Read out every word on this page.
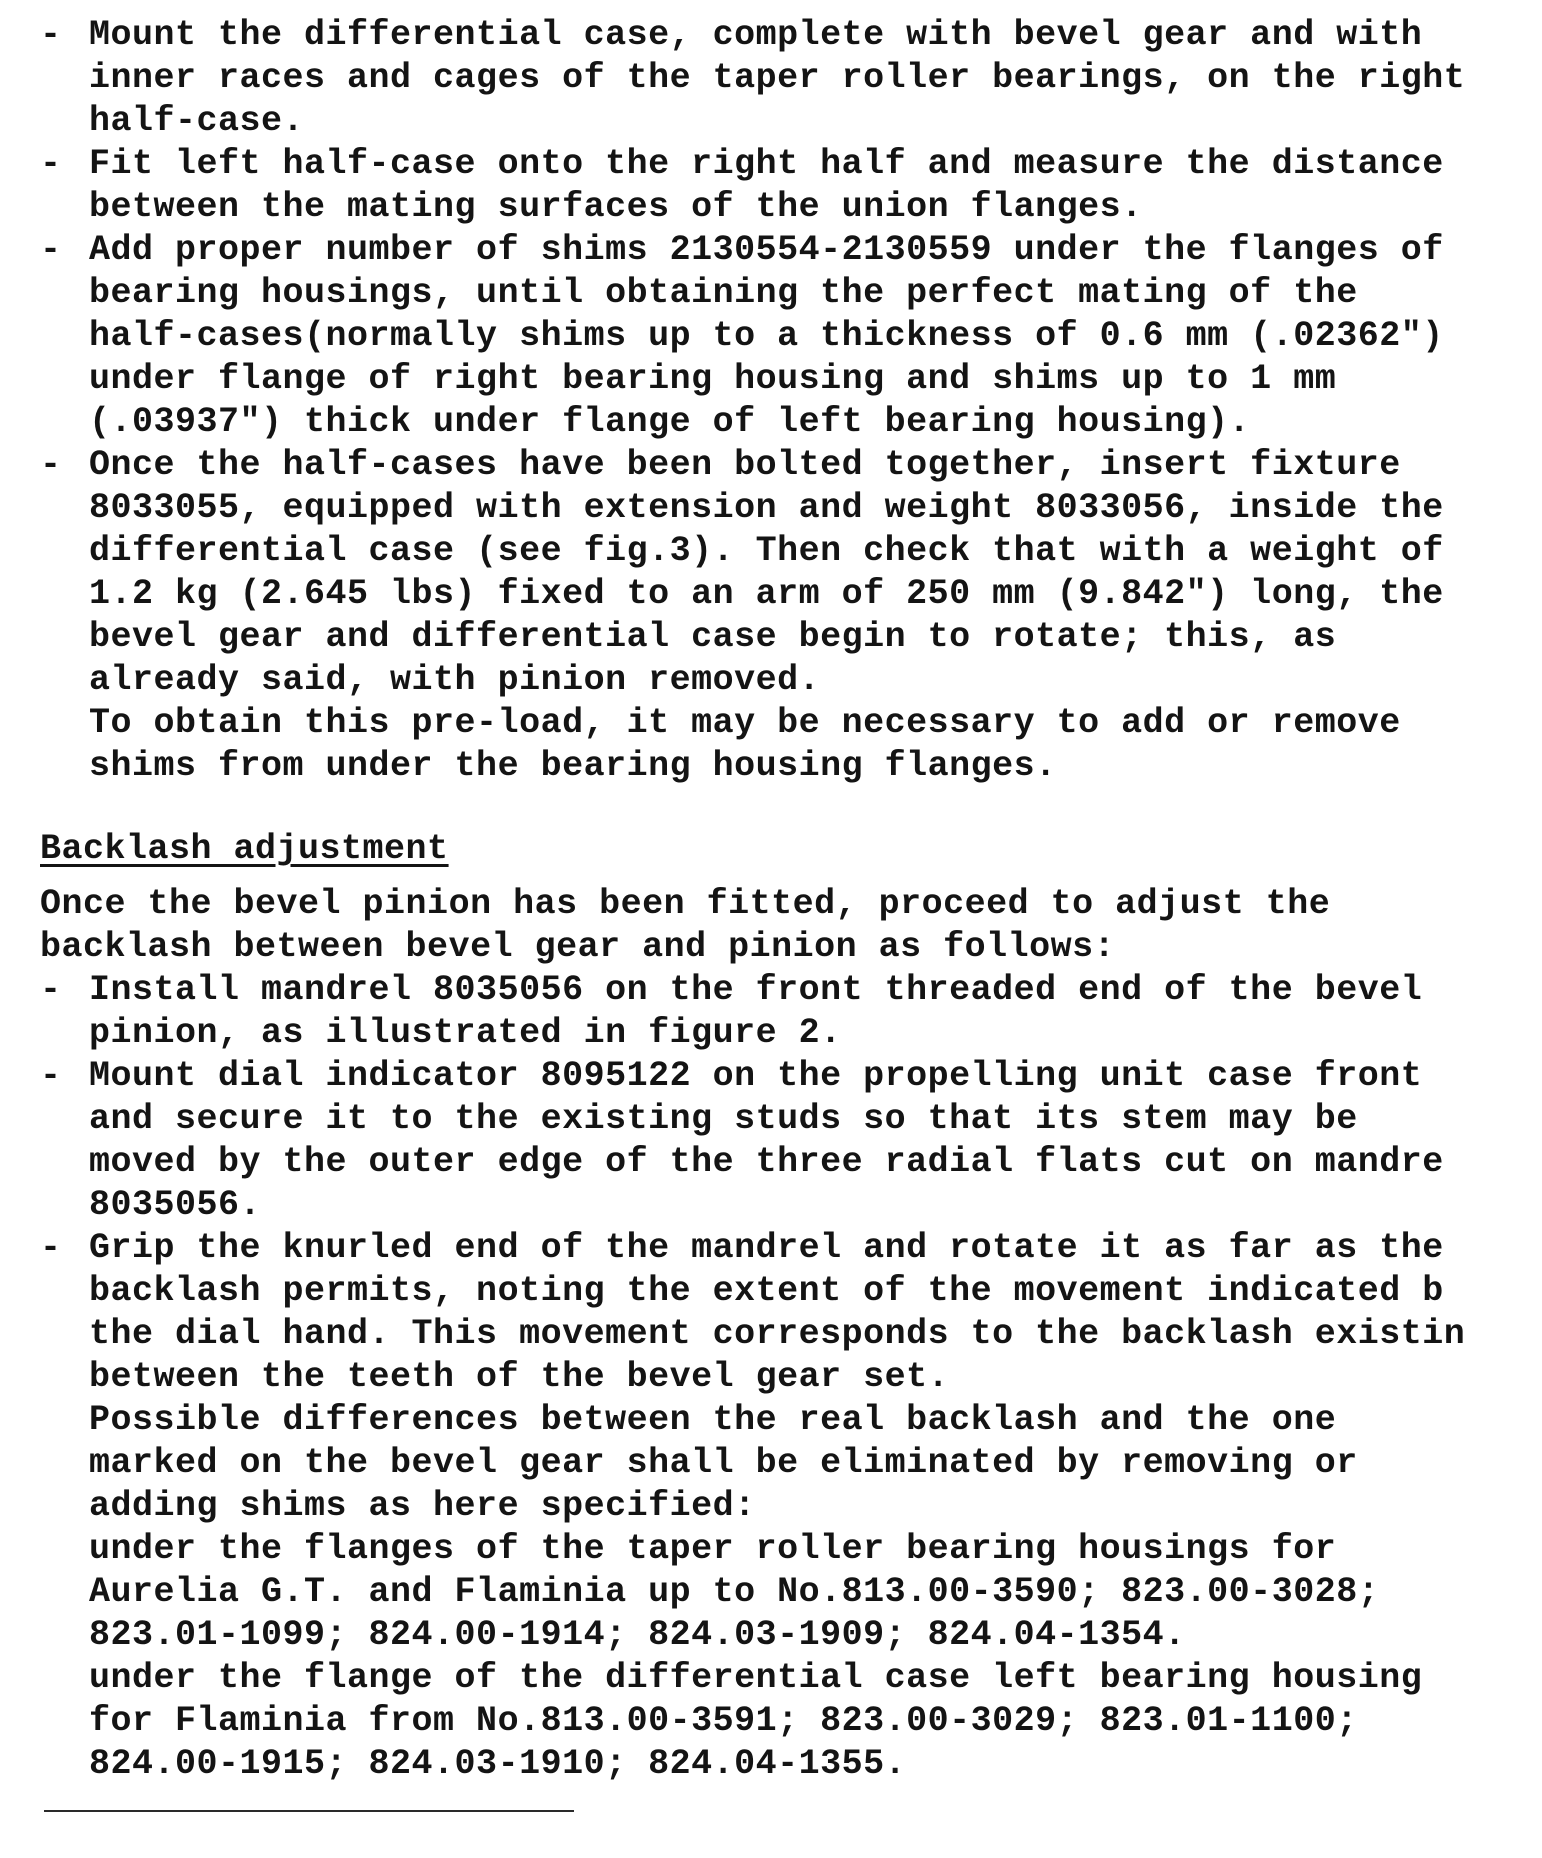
- Mount the differential case, complete with bevel gear and with
inner races and cages of the taper roller bearings, on the right
half-case.
- Fit left half-case onto the right half and measure the distance
between the mating surfaces of the union flanges.
- Add proper number of shims 2130554-2130559 under the flanges of
bearing housings, until obtaining the perfect mating of the
half-cases(normally shims up to a thickness of 0.6 mm (.02362")
under flange of right bearing housing and shims up to 1 mm
(.03937") thick under flange of left bearing housing).
- Once the half-cases have been bolted together, insert fixture
8033055, equipped with extension and weight 8033056, inside the
differential case (see fig.3). Then check that with a weight of
1.2 kg (2.645 lbs) fixed to an arm of 250 mm (9.842") long, the
bevel gear and differential case begin to rotate; this, as
already said, with pinion removed.
To obtain this pre-load, it may be necessary to add or remove
shims from under the bearing housing flanges.
Backlash adjustment
Once the bevel pinion has been fitted, proceed to adjust the
backlash between bevel gear and pinion as follows:
- Install mandrel 8035056 on the front threaded end of the bevel
pinion, as illustrated in figure 2.
- Mount dial indicator 8095122 on the propelling unit case front
and secure it to the existing studs so that its stem may be
moved by the outer edge of the three radial flats cut on mandre
8035056.
- Grip the knurled end of the mandrel and rotate it as far as the
backlash permits, noting the extent of the movement indicated b
the dial hand. This movement corresponds to the backlash existin
between the teeth of the bevel gear set.
Possible differences between the real backlash and the one
marked on the bevel gear shall be eliminated by removing or
adding shims as here specified:
under the flanges of the taper roller bearing housings for
Aurelia G.T. and Flaminia up to No.813.00-3590; 823.00-3028;
823.01-1099; 824.00-1914; 824.03-1909; 824.04-1354.
under the flange of the differential case left bearing housing
for Flaminia from No.813.00-3591; 823.00-3029; 823.01-1100;
824.00-1915; 824.03-1910; 824.04-1355.
